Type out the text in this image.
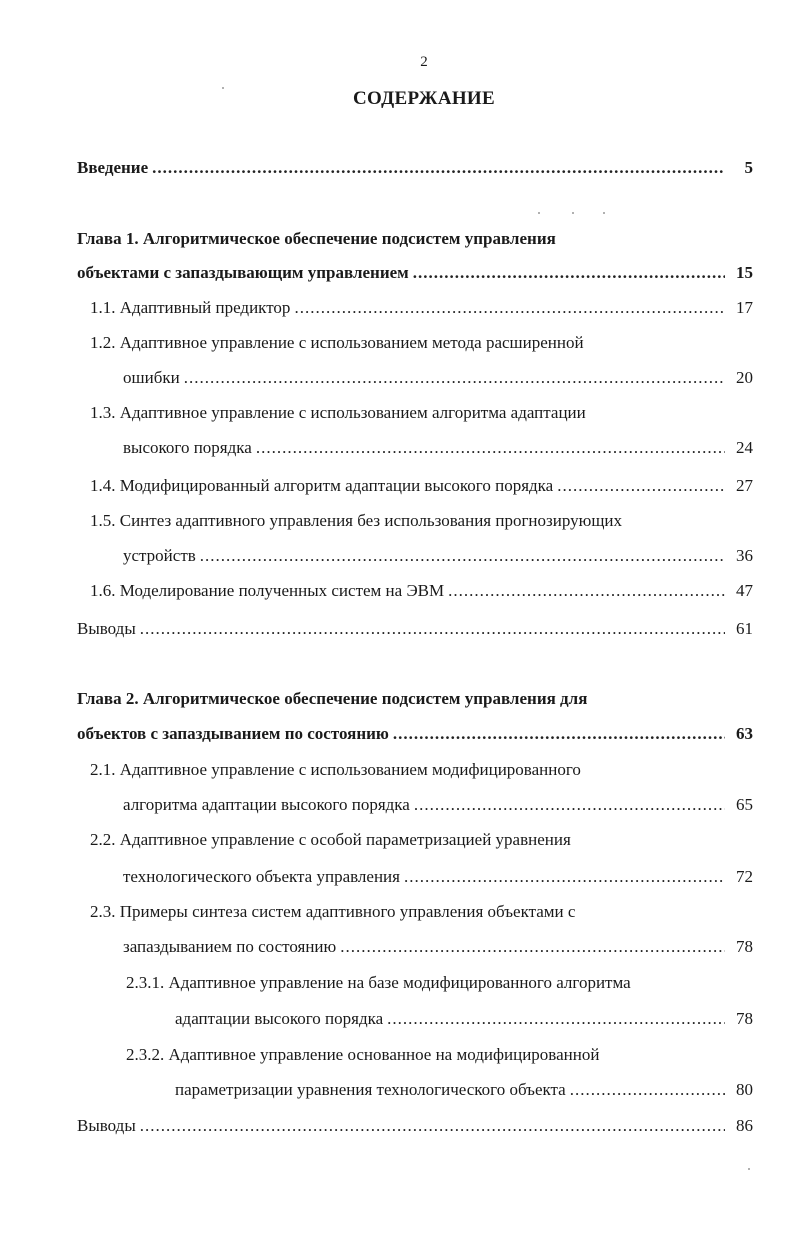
2
СОДЕРЖАНИЕ
Введение .....	5
Глава 1. Алгоритмическое обеспечение подсистем управления
объектами с запаздывающим управлением .....	15
1.1. Адаптивный предиктор .....	17
1.2. Адаптивное управление с использованием метода расширенной
ошибки .....	20
1.3. Адаптивное управление с использованием алгоритма адаптации
высокого порядка .....	24
1.4. Модифицированный алгоритм адаптации высокого порядка .....	27
1.5. Синтез адаптивного управления без использования прогнозирующих
устройств .....	36
1.6. Моделирование полученных систем на ЭВМ .....	47
Выводы .....	61
Глава 2. Алгоритмическое обеспечение подсистем управления для
объектов с запаздыванием по состоянию .....	63
2.1. Адаптивное управление с использованием модифицированного
алгоритма адаптации высокого порядка .....	65
2.2. Адаптивное управление с особой параметризацией уравнения
технологического объекта управления .....	72
2.3. Примеры синтеза систем адаптивного управления объектами с
запаздыванием по состоянию .....	78
2.3.1. Адаптивное управление на базе модифицированного алгоритма
адаптации высокого порядка .....	78
2.3.2. Адаптивное управление основанное на модифицированной
параметризации уравнения технологического объекта .....	80
Выводы .....	86
